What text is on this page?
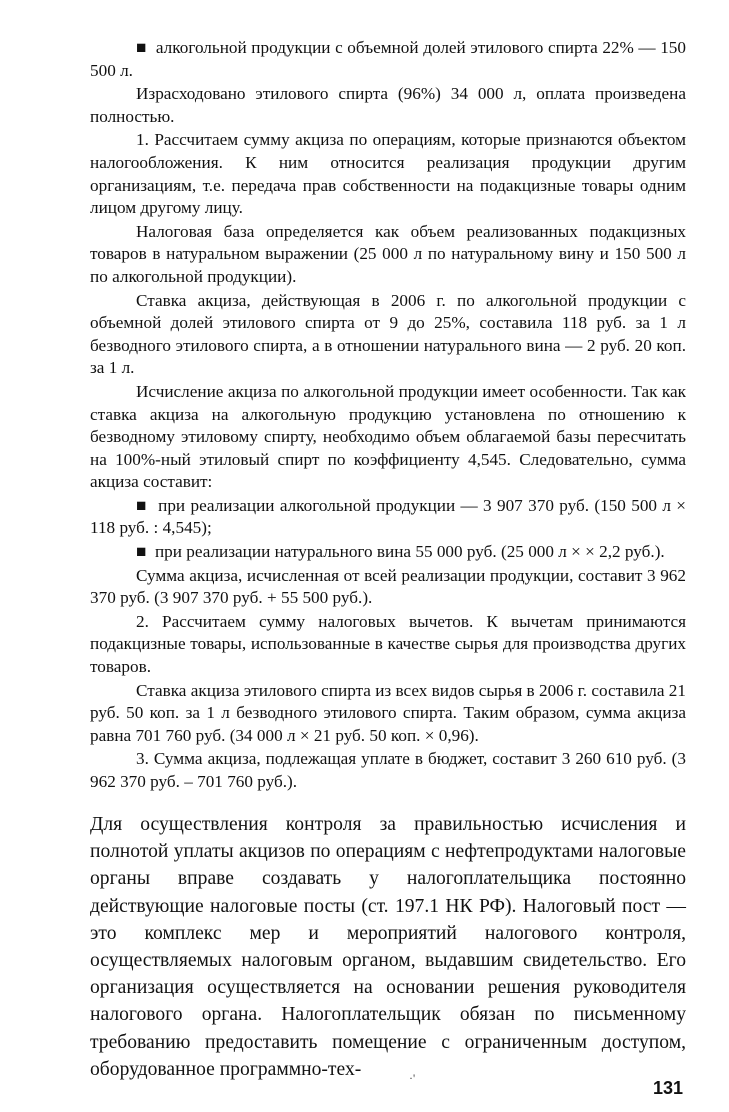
■  алкогольной продукции с объемной долей этилового спирта 22% — 150 500 л.

Израсходовано этилового спирта (96%) 34 000 л, оплата произведена полностью.

1. Рассчитаем сумму акциза по операциям, которые признаются объектом налогообложения. К ним относится реализация продукции другим организациям, т.е. передача прав собственности на подакцизные товары одним лицом другому лицу.

Налоговая база определяется как объем реализованных подакцизных товаров в натуральном выражении (25 000 л по натуральному вину и 150 500 л по алкогольной продукции).

Ставка акциза, действующая в 2006 г. по алкогольной продукции с объемной долей этилового спирта от 9 до 25%, составила 118 руб. за 1 л безводного этилового спирта, а в отношении натурального вина — 2 руб. 20 коп. за 1 л.

Исчисление акциза по алкогольной продукции имеет особенности. Так как ставка акциза на алкогольную продукцию установлена по отношению к безводному этиловому спирту, необходимо объем облагаемой базы пересчитать на 100%-ный этиловый спирт по коэффициенту 4,545. Следовательно, сумма акциза составит:

■  при реализации алкогольной продукции — 3 907 370 руб. (150 500 л × 118 руб. : 4,545);

■  при реализации натурального вина 55 000 руб. (25 000 л × × 2,2 руб.).

Сумма акциза, исчисленная от всей реализации продукции, составит 3 962 370 руб. (3 907 370 руб. + 55 500 руб.).

2. Рассчитаем сумму налоговых вычетов. К вычетам принимаются подакцизные товары, использованные в качестве сырья для производства других товаров.

Ставка акциза этилового спирта из всех видов сырья в 2006 г. составила 21 руб. 50 коп. за 1 л безводного этилового спирта. Таким образом, сумма акциза равна 701 760 руб. (34 000 л × 21 руб. 50 коп. × 0,96).

3. Сумма акциза, подлежащая уплате в бюджет, составит 3 260 610 руб. (3 962 370 руб. – 701 760 руб.).

Для осуществления контроля за правильностью исчисления и полнотой уплаты акцизов по операциям с нефтепродуктами налоговые органы вправе создавать у налогоплательщика постоянно действующие налоговые посты (ст. 197.1 НК РФ). Налоговый пост — это комплекс мер и мероприятий налогового контроля, осуществляемых налоговым органом, выдавшим свидетельство. Его организация осуществляется на основании решения руководителя налогового органа. Налогоплательщик обязан по письменному требованию предоставить помещение с ограниченным доступом, оборудованное программно-тех-	·'	131
